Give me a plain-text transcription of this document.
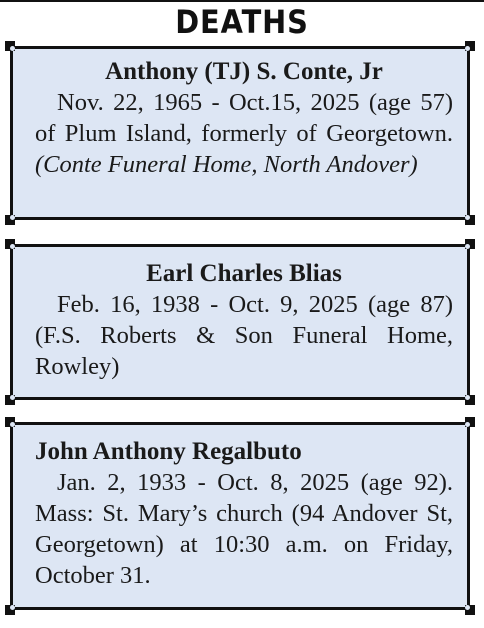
DEATHS
Anthony (TJ) S. Conte, Jr
Nov. 22, 1965 - Oct.15, 2025 (age 57) of Plum Island, formerly of Georgetown. (Conte Funeral Home, North Andover)
Earl Charles Blias
Feb. 16, 1938 - Oct. 9, 2025 (age 87) (F.S. Roberts & Son Funeral Home, Rowley)
John Anthony Regalbuto
Jan. 2, 1933 - Oct. 8, 2025 (age 92). Mass: St. Mary’s church (94 Andover St, Georgetown) at 10:30 a.m. on Friday, October 31.
